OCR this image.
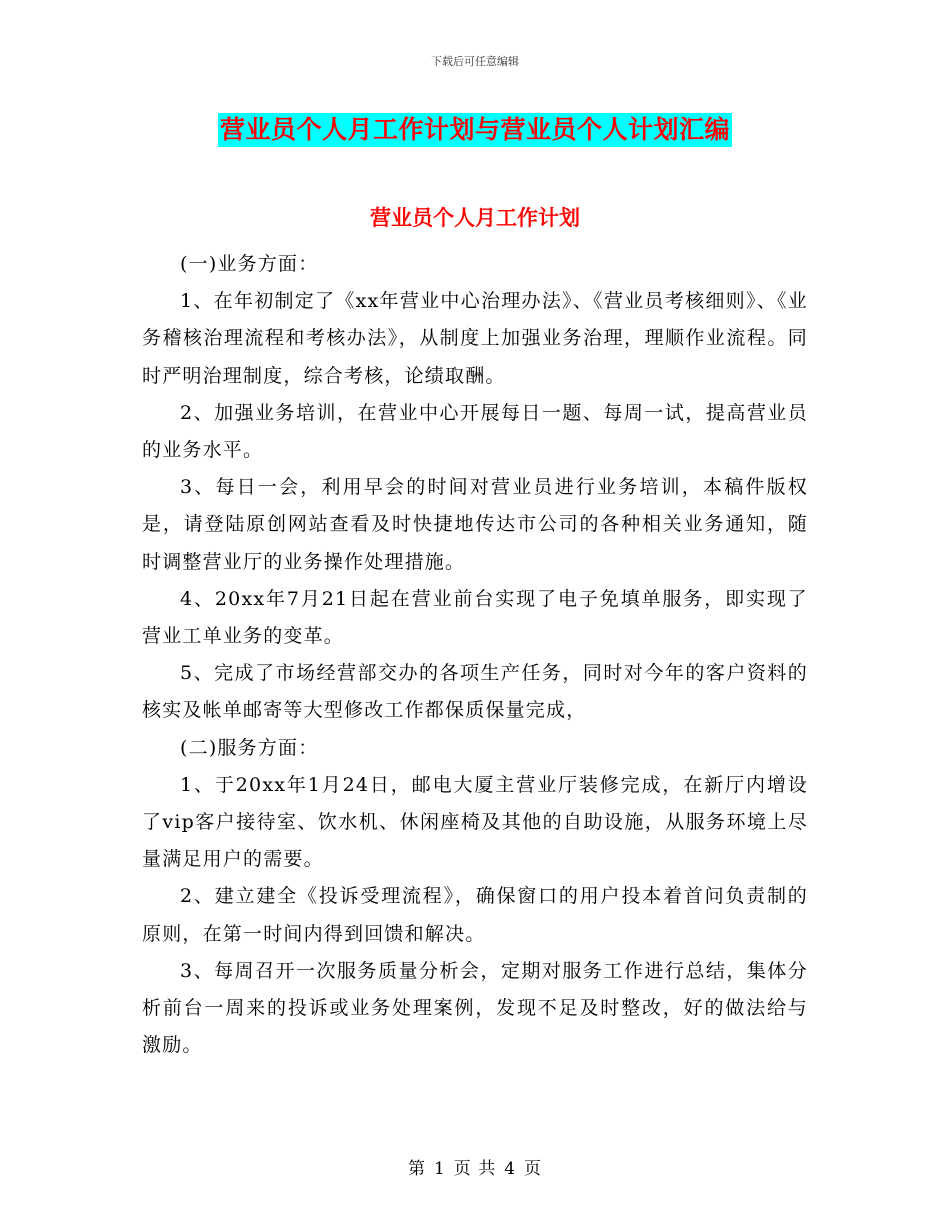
下载后可任意编辑
营业员个人月工作计划与营业员个人计划汇编
营业员个人月工作计划

(一)业务方面：

1、在年初制定了《xx年营业中心治理办法》、《营业员考核细则》、《业务稽核治理流程和考核办法》，从制度上加强业务治理，理顺作业流程。同时严明治理制度，综合考核，论绩取酬。

2、加强业务培训，在营业中心开展每日一题、每周一试，提高营业员的业务水平。

3、每日一会，利用早会的时间对营业员进行业务培训，本稿件版权是，请登陆原创网站查看及时快捷地传达市公司的各种相关业务通知，随时调整营业厅的业务操作处理措施。

4、20xx年7月21日起在营业前台实现了电子免填单服务，即实现了营业工单业务的变革。

5、完成了市场经营部交办的各项生产任务，同时对今年的客户资料的核实及帐单邮寄等大型修改工作都保质保量完成，

(二)服务方面：

1、于20xx年1月24日，邮电大厦主营业厅装修完成，在新厅内增设了vip客户接待室、饮水机、休闲座椅及其他的自助设施，从服务环境上尽量满足用户的需要。

2、建立建全《投诉受理流程》，确保窗口的用户投本着首问负责制的原则，在第一时间内得到回馈和解决。

3、每周召开一次服务质量分析会，定期对服务工作进行总结，集体分析前台一周来的投诉或业务处理案例，发现不足及时整改，好的做法给与激励。

第 1 页 共 4 页
